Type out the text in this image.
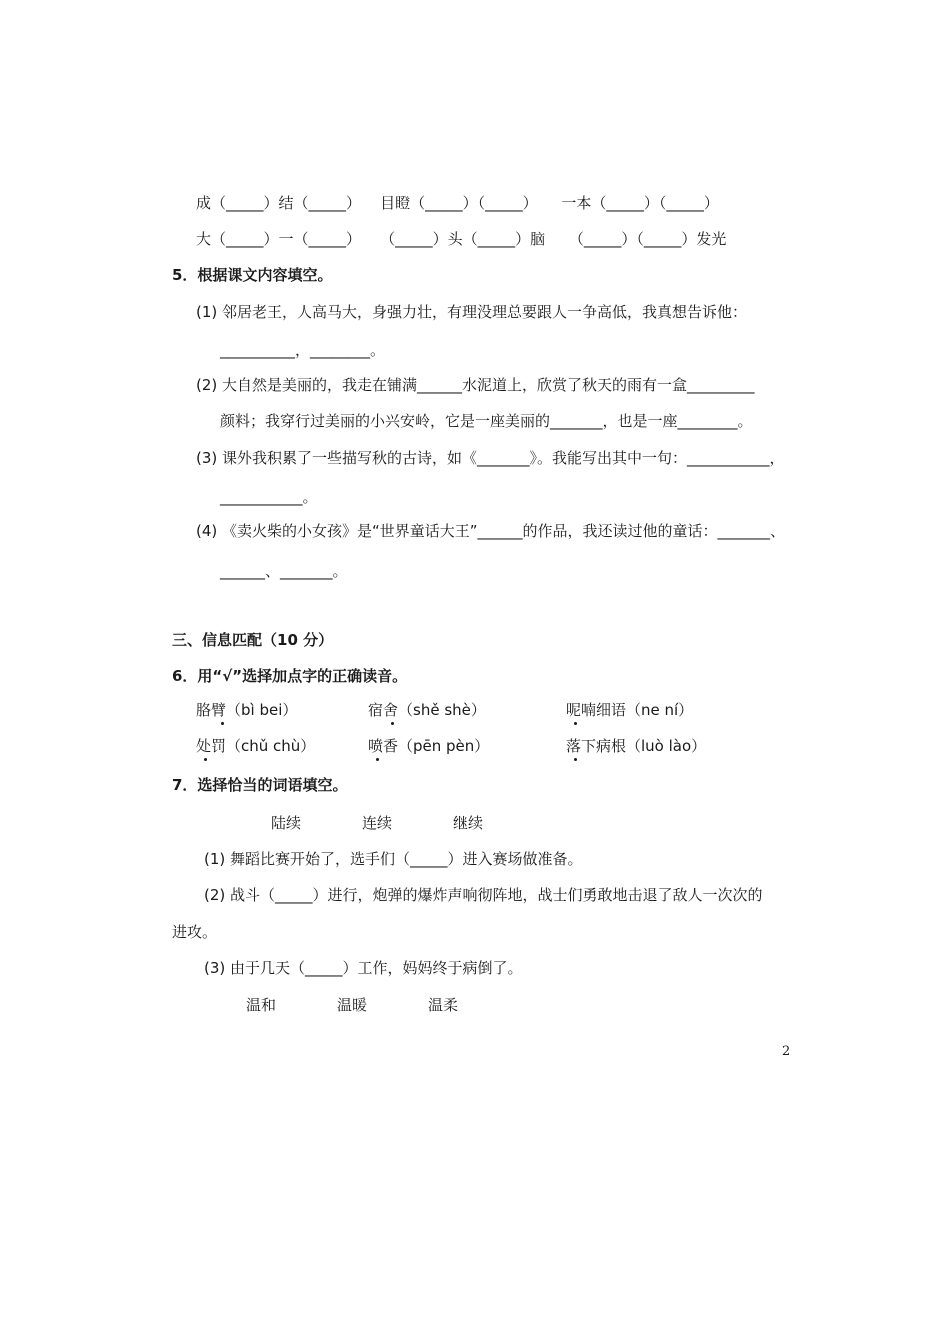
成（_____）结（_____）    目瞪（_____）（_____）     一本（_____）（_____）
大（_____）一（_____）    （_____）头（_____）脑     （_____）（_____）发光
5．根据课文内容填空。
(1) 邻居老王，人高马大，身强力壮，有理没理总要跟人一争高低，我真想告诉他：
__________，________。
(2) 大自然是美丽的，我走在铺满______水泥道上，欣赏了秋天的雨有一盒_________
颜料；我穿行过美丽的小兴安岭，它是一座美丽的_______，也是一座________。
(3) 课外我积累了一些描写秋的古诗，如《_______》。我能写出其中一句：___________，
___________。
(4) 《卖火柴的小女孩》是“世界童话大王”______的作品，我还读过他的童话：_______、
______、_______。
三、信息匹配（10 分）
6．用“√”选择加点字的正确读音。
胳臂（bì bei）	宿舍（shě shè）	呢喃细语（ne ní）
处罚（chǔ chù）	喷香（pēn pèn）	落下病根（luò lào）
7．选择恰当的词语填空。
陆续	连续	继续
(1) 舞蹈比赛开始了，选手们（_____）进入赛场做准备。
(2) 战斗（_____）进行，炮弹的爆炸声响彻阵地，战士们勇敢地击退了敌人一次次的
进攻。
(3) 由于几天（_____）工作，妈妈终于病倒了。
温和	温暖	温柔
2
